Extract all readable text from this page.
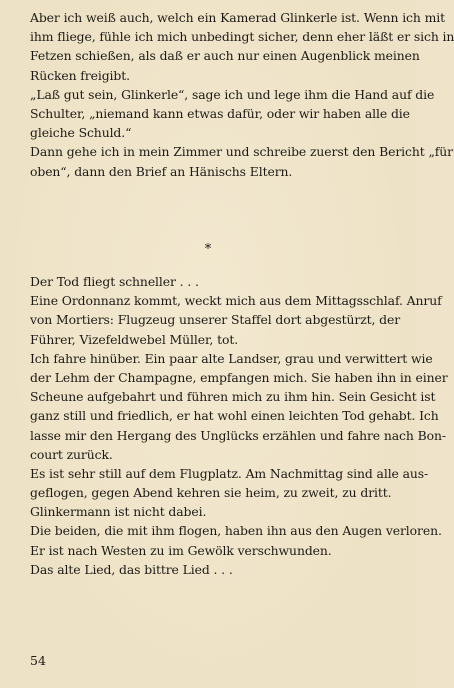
Aber ich weiß auch, welch ein Kamerad Glinkerle ist. Wenn ich mit
ihm fliege, fühle ich mich unbedingt sicher, denn eher läßt er sich in
Fetzen schießen, als daß er auch nur einen Augenblick meinen
Rücken freigibt.
„Laß gut sein, Glinkerle“, sage ich und lege ihm die Hand auf die
Schulter, „niemand kann etwas dafür, oder wir haben alle die
gleiche Schuld.“
Dann gehe ich in mein Zimmer und schreibe zuerst den Bericht „für
oben“, dann den Brief an Hänischs Eltern.
*
Der Tod fliegt schneller . . .
Eine Ordonnanz kommt, weckt mich aus dem Mittagsschlaf. Anruf
von Mortiers: Flugzeug unserer Staffel dort abgestürzt, der
Führer, Vizefeldwebel Müller, tot.
Ich fahre hinüber. Ein paar alte Landser, grau und verwittert wie
der Lehm der Champagne, empfangen mich. Sie haben ihn in einer
Scheune aufgebahrt und führen mich zu ihm hin. Sein Gesicht ist
ganz still und friedlich, er hat wohl einen leichten Tod gehabt. Ich
lasse mir den Hergang des Unglücks erzählen und fahre nach Bon-
court zurück.
Es ist sehr still auf dem Flugplatz. Am Nachmittag sind alle aus-
geflogen, gegen Abend kehren sie heim, zu zweit, zu dritt.
Glinkermann ist nicht dabei.
Die beiden, die mit ihm flogen, haben ihn aus den Augen verloren.
Er ist nach Westen zu im Gewölk verschwunden.
Das alte Lied, das bittre Lied . . .
54
